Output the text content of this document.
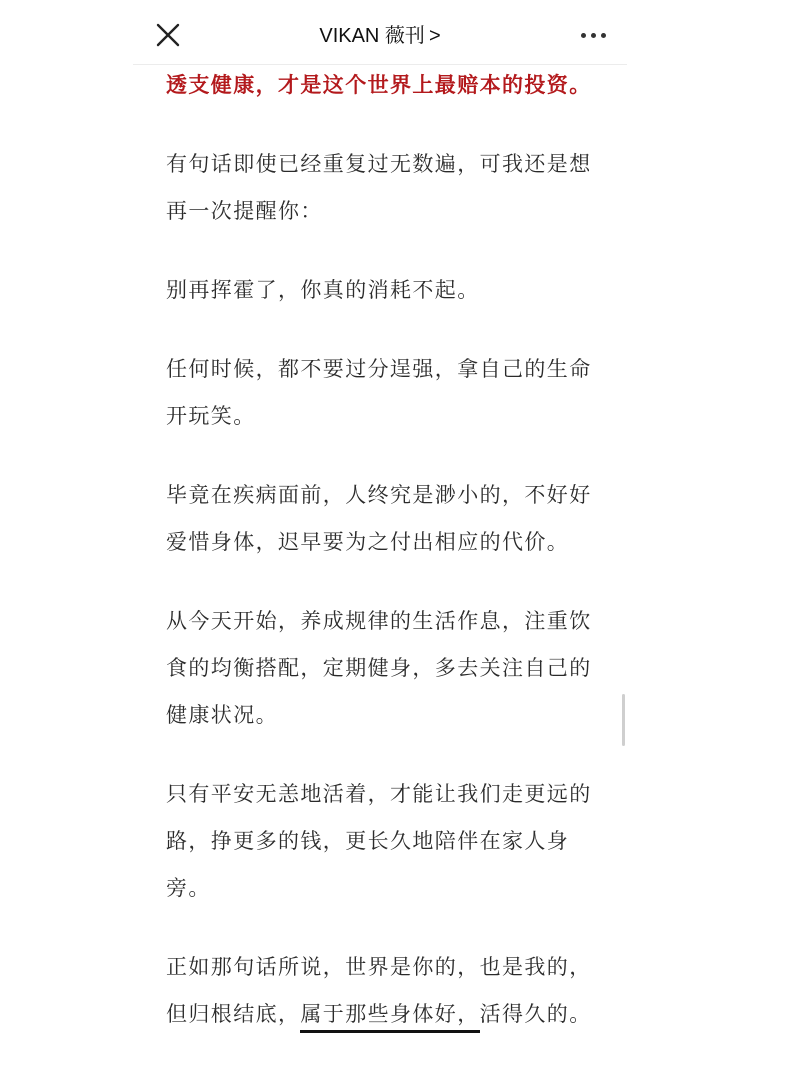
VIKAN 薇刊 >

透支健康，才是这个世界上最赔本的投资。

有句话即使已经重复过无数遍，可我还是想再一次提醒你：

别再挥霍了，你真的消耗不起。

任何时候，都不要过分逞强，拿自己的生命开玩笑。

毕竟在疾病面前，人终究是渺小的，不好好爱惜身体，迟早要为之付出相应的代价。

从今天开始，养成规律的生活作息，注重饮食的均衡搭配，定期健身，多去关注自己的健康状况。

只有平安无恙地活着，才能让我们走更远的路，挣更多的钱，更长久地陪伴在家人身旁。

正如那句话所说，世界是你的，也是我的，但归根结底，属于那些身体好，活得久的。
